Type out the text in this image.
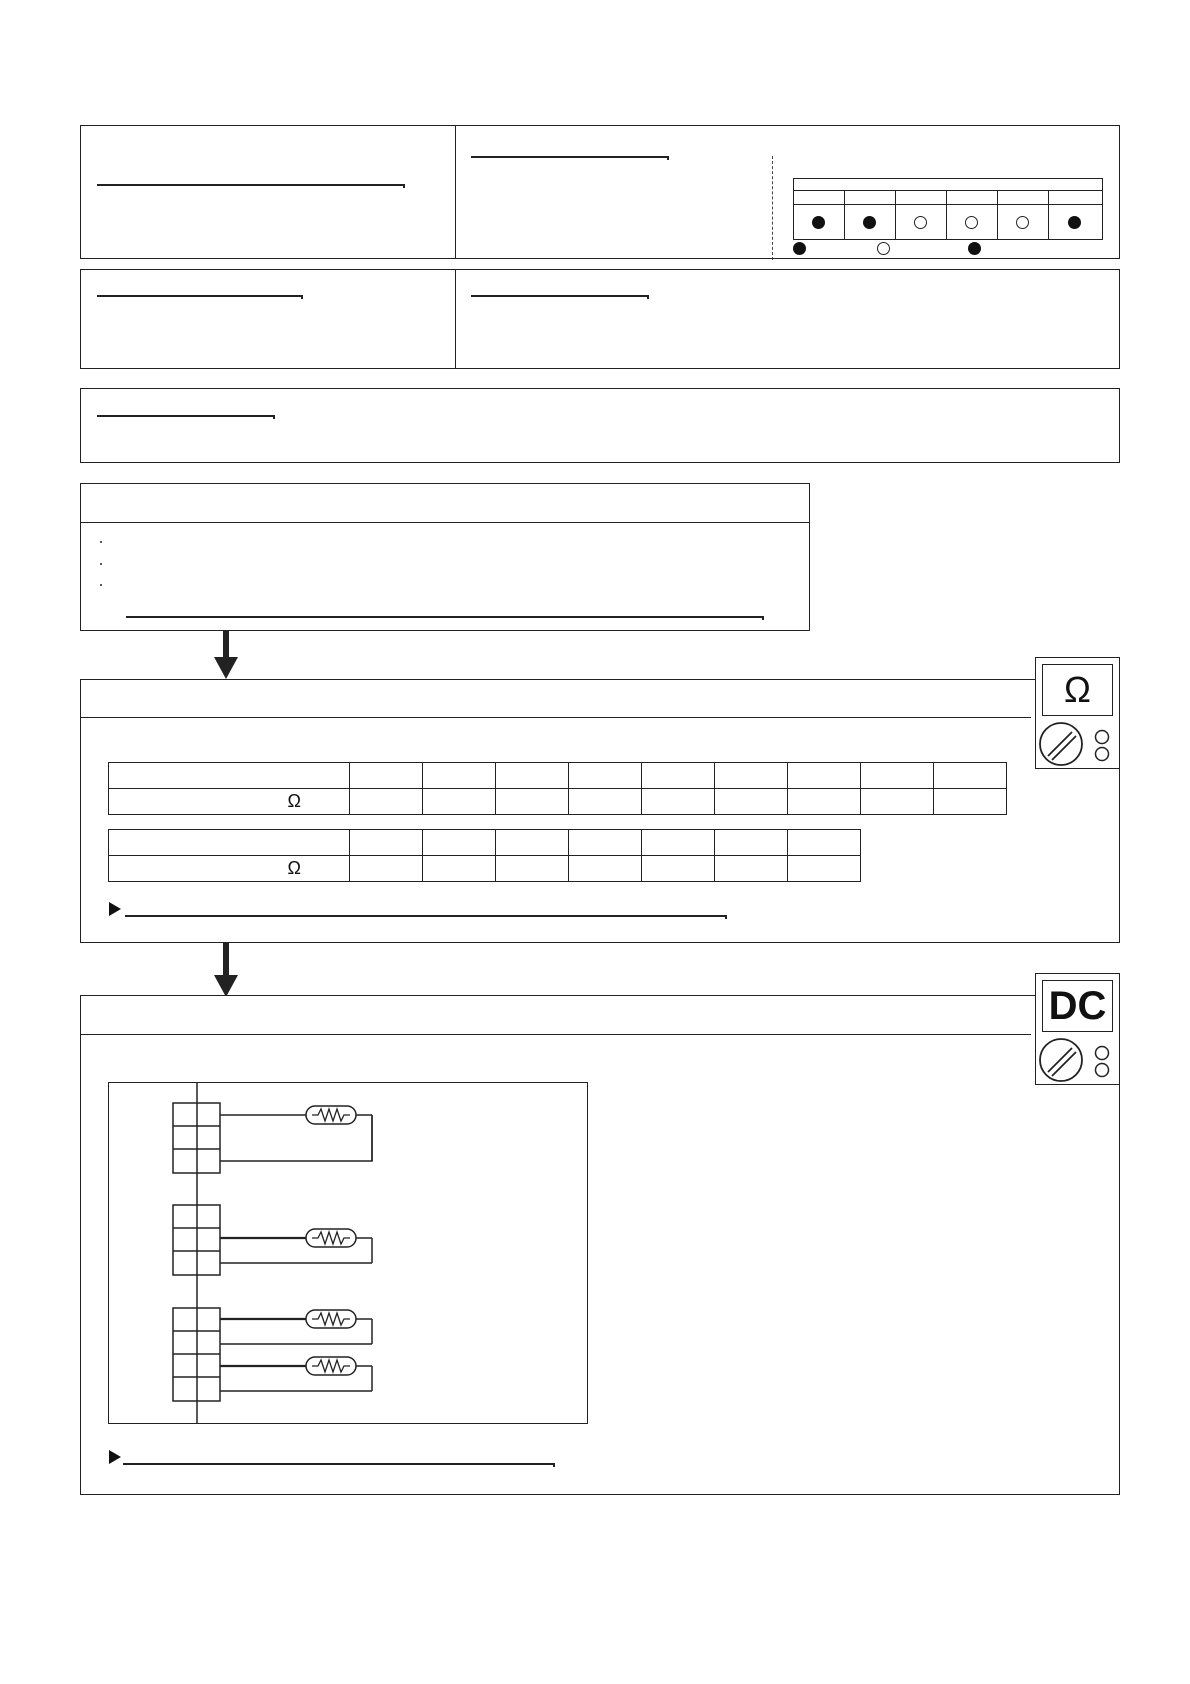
Ω									

Ω							
Ω
DC
